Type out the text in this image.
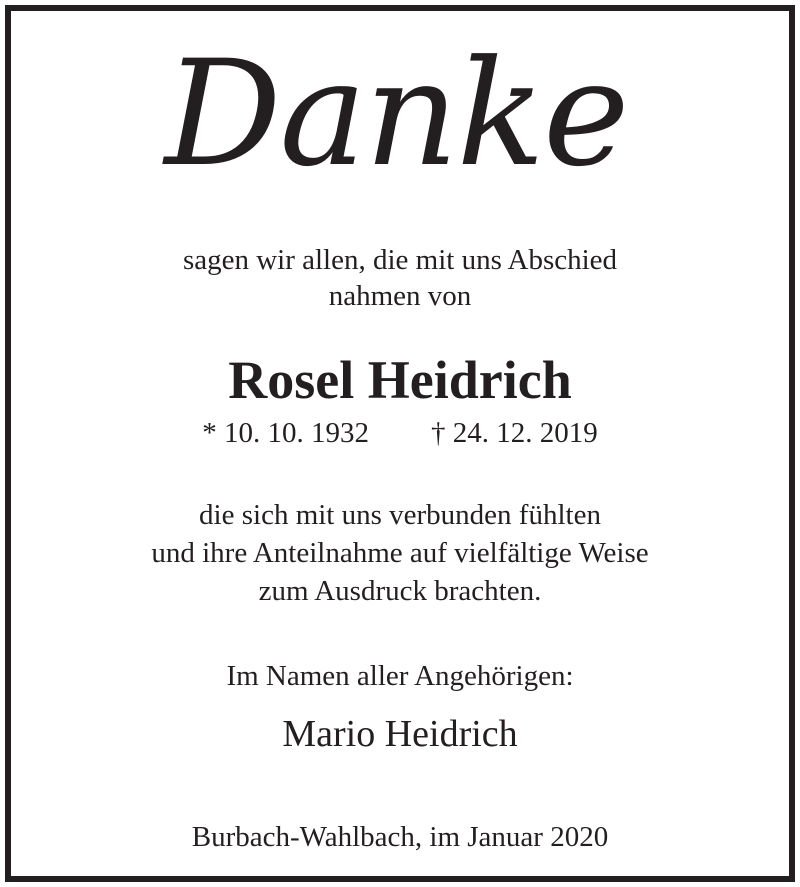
Danke
sagen wir allen, die mit uns Abschied
nahmen von
Rosel Heidrich
* 10. 10. 1932 † 24. 12. 2019
die sich mit uns verbunden fühlten
und ihre Anteilnahme auf vielfältige Weise
zum Ausdruck brachten.
Im Namen aller Angehörigen:
Mario Heidrich
Burbach-Wahlbach, im Januar 2020
